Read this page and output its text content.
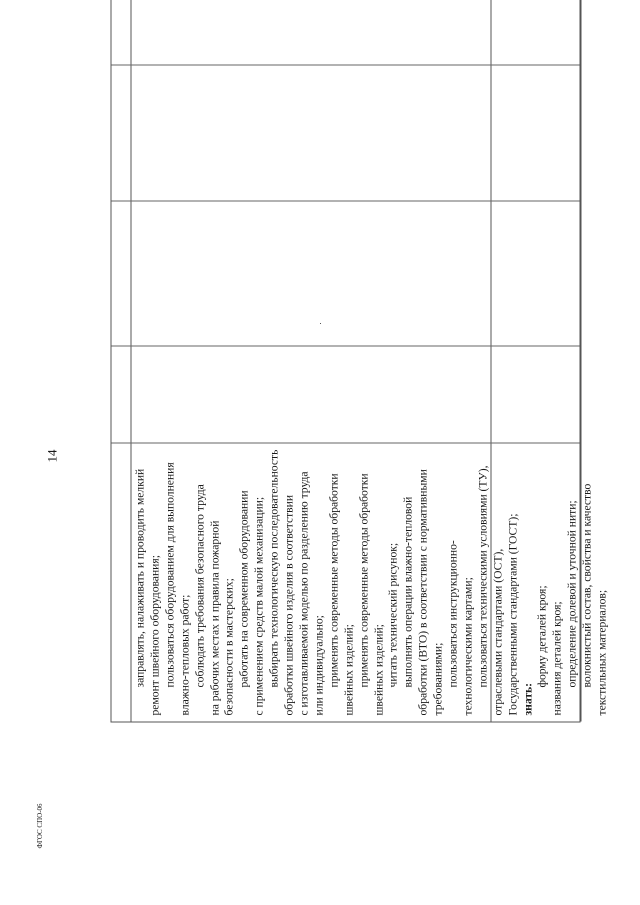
14
ФГОС СПО-06
заправлять, налаживать и проводить мелкий ремонт швейного оборудования; пользоваться оборудованием для выполнения влажно-тепловых работ; соблюдать требования безопасного труда на рабочих местах и правила пожарной безопасности в мастерских; работать на современном оборудовании с применением средств малой механизации; выбирать технологическую последовательность обработки швейного изделия в соответствии с изготавливаемой моделью по разделению труда или индивидуально; применять современные методы обработки швейных изделий; применять современные методы обработки швейных изделий; читать технический рисунок; выполнять операции влажно-тепловой обработки (ВТО) в соответствии с нормативными требованиями; пользоваться инструкционно- технологическими картами; пользоваться техническими условиями (ТУ), отраслевыми стандартами (ОСТ), Государственными стандартами (ГОСТ); знать:
форму деталей кроя; названия деталей кроя; определение долевой и уточной нити; волокнистый состав, свойства и качество текстильных материалов;
